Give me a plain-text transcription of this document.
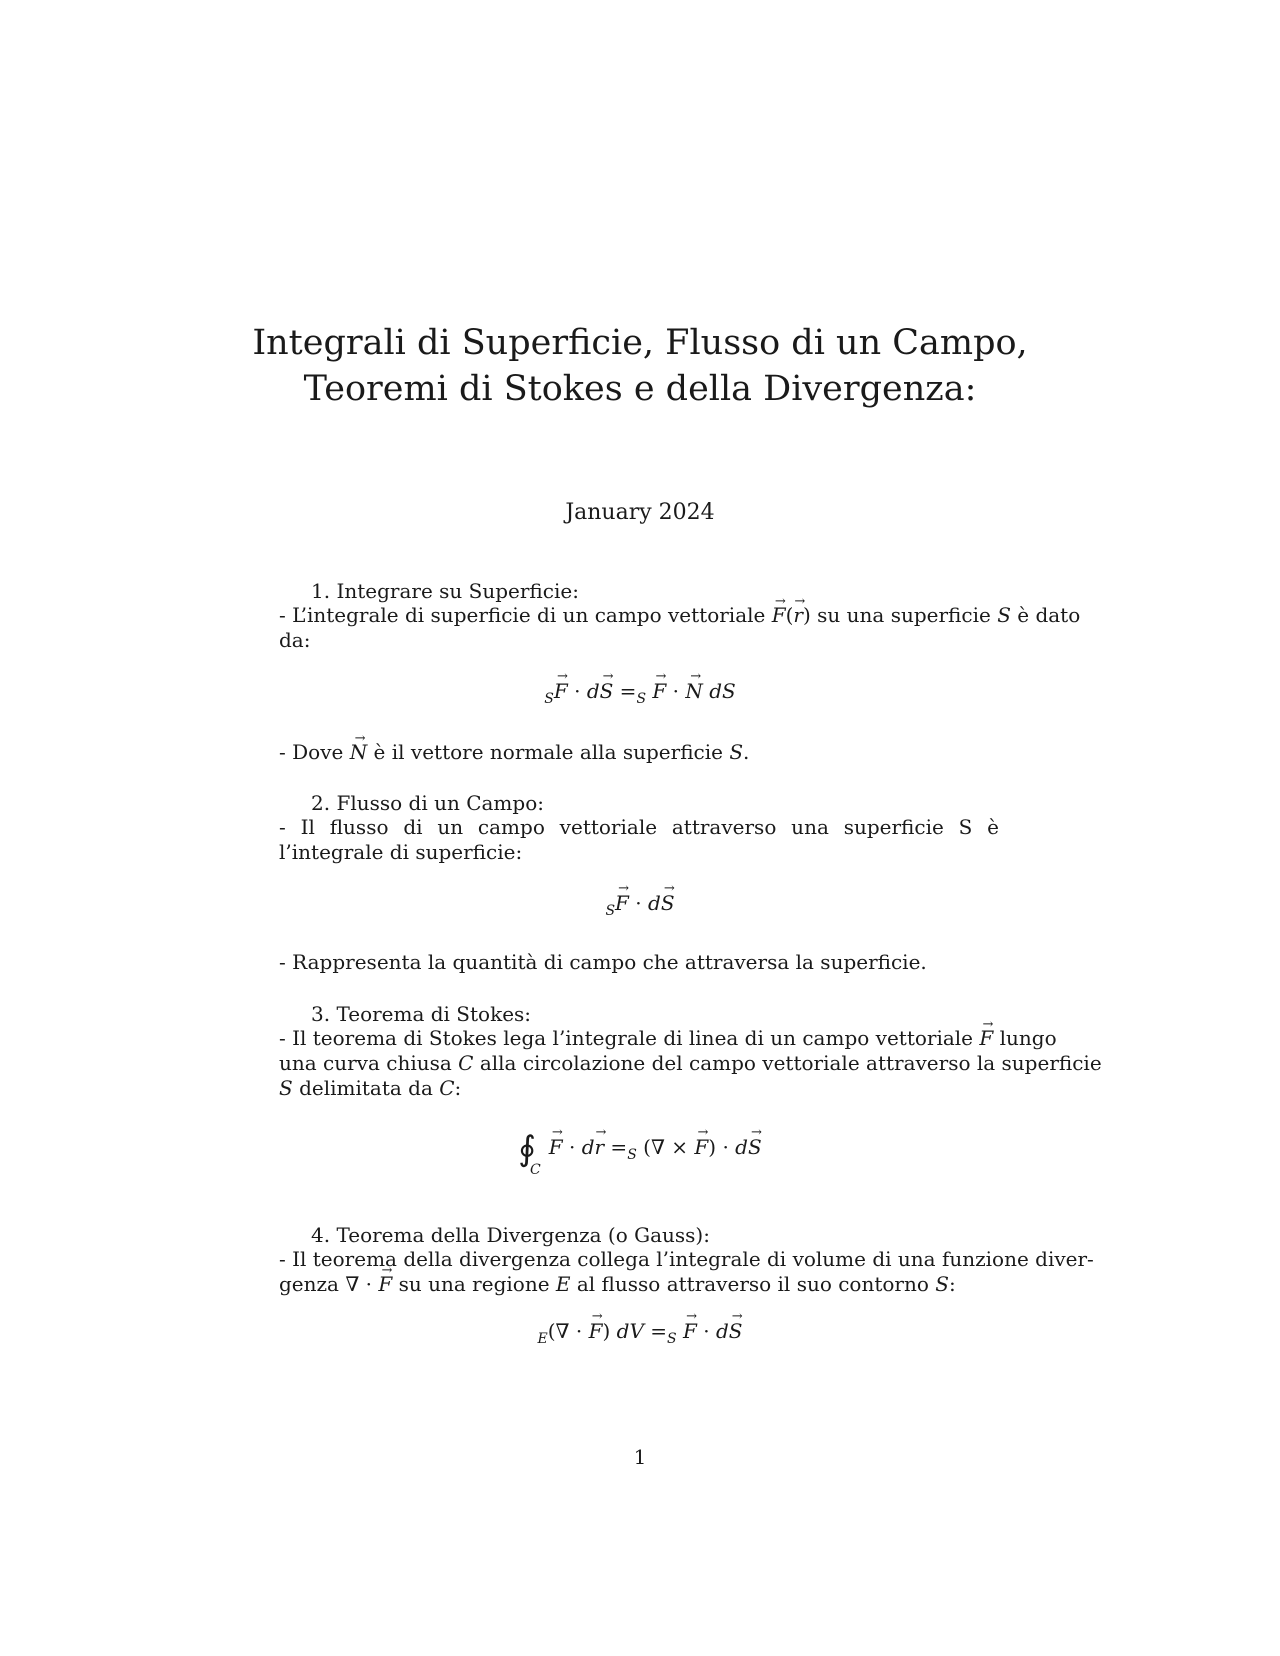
Integrali di Superficie, Flusso di un Campo,
Teoremi di Stokes e della Divergenza:
January 2024
1. Integrare su Superficie:
- L’integrale di superficie di un campo vettoriale F →(r →) su una superficie S è dato
da:
$_S$F → · dS → $=_S$ F → · N → dS
- Dove N → è il vettore normale alla superficie S.
2. Flusso di un Campo:
- Il flusso di un campo vettoriale attraverso una superficie S è l’integrale di superficie:
$_S$F → · dS →
- Rappresenta la quantità di campo che attraversa la superficie.
3. Teorema di Stokes:
- Il teorema di Stokes lega l’integrale di linea di un campo vettoriale F → lungo
una curva chiusa C alla circolazione del campo vettoriale attraverso la superficie
S delimitata da C:
$∮_CF$ → · dr → $=_S$ (∇ × F →) · dS →
4. Teorema della Divergenza (o Gauss):
- Il teorema della divergenza collega l’integrale di volume di una funzione diver-
genza ∇ · F → su una regione E al flusso attraverso il suo contorno S:
$_E$(∇ · F →) dV $=_S$ F → · dS →
1
